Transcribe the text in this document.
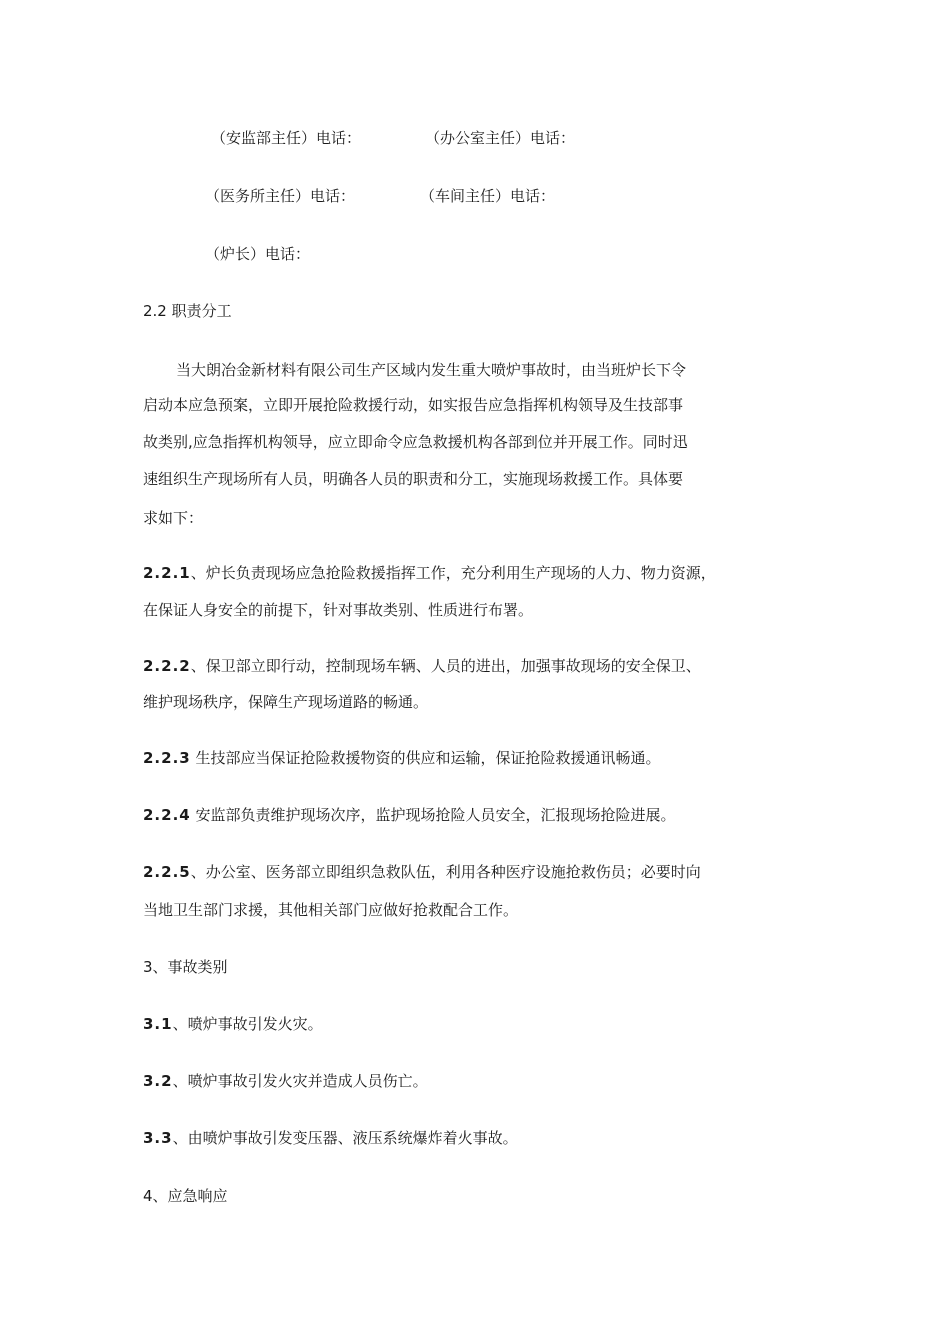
（安监部主任）电话：	（办公室主任）电话：
（医务所主任）电话：	（车间主任）电话：
（炉长）电话：
2.2 职责分工
当大朗冶金新材料有限公司生产区域内发生重大喷炉事故时，由当班炉长下令
启动本应急预案，立即开展抢险救援行动，如实报告应急指挥机构领导及生技部事
故类别,应急指挥机构领导，应立即命令应急救援机构各部到位并开展工作。同时迅
速组织生产现场所有人员，明确各人员的职责和分工，实施现场救援工作。具体要
求如下：
2.2.1、炉长负责现场应急抢险救援指挥工作，充分利用生产现场的人力、物力资源，
在保证人身安全的前提下，针对事故类别、性质进行布署。
2.2.2、保卫部立即行动，控制现场车辆、人员的进出，加强事故现场的安全保卫、
维护现场秩序，保障生产现场道路的畅通。
2.2.3 生技部应当保证抢险救援物资的供应和运输，保证抢险救援通讯畅通。
2.2.4 安监部负责维护现场次序，监护现场抢险人员安全，汇报现场抢险进展。
2.2.5、办公室、医务部立即组织急救队伍，利用各种医疗设施抢救伤员；必要时向
当地卫生部门求援，其他相关部门应做好抢救配合工作。
3、事故类别
3.1、喷炉事故引发火灾。
3.2、喷炉事故引发火灾并造成人员伤亡。
3.3、由喷炉事故引发变压器、液压系统爆炸着火事故。
4、应急响应
